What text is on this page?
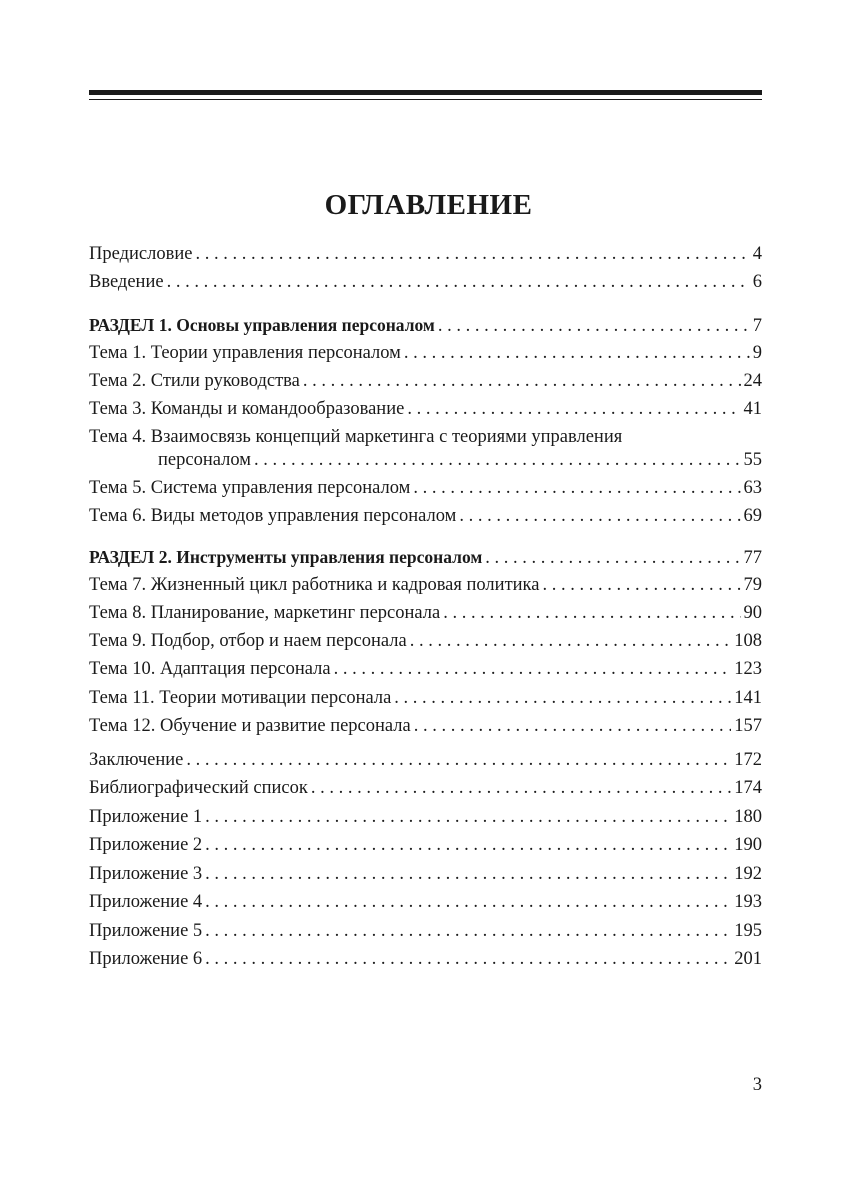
ОГЛАВЛЕНИЕ
Предисловие . . .	4
Введение . . .	6
РАЗДЕЛ 1. Основы управления персоналом . . .	7
Тема 1. Теории управления персоналом . . .	9
Тема 2. Стили руководства . . .	24
Тема 3. Команды и командообразование . . .	41
Тема 4. Взаимосвязь концепций маркетинга с теориями управления
персоналом . . .	55
Тема 5. Система управления персоналом . . .	63
Тема 6. Виды методов управления персоналом . . .	69
РАЗДЕЛ 2. Инструменты управления персоналом . . .	77
Тема 7. Жизненный цикл работника и кадровая политика . . .	79
Тема 8. Планирование, маркетинг персонала . . .	90
Тема 9. Подбор, отбор и наем персонала . . .	108
Тема 10. Адаптация персонала . . .	123
Тема 11. Теории мотивации персонала . . .	141
Тема 12. Обучение и развитие персонала . . .	157
Заключение . . .	172
Библиографический список . . .	174
Приложение 1 . . .	180
Приложение 2 . . .	190
Приложение 3 . . .	192
Приложение 4 . . .	193
Приложение 5 . . .	195
Приложение 6 . . .	201
3
